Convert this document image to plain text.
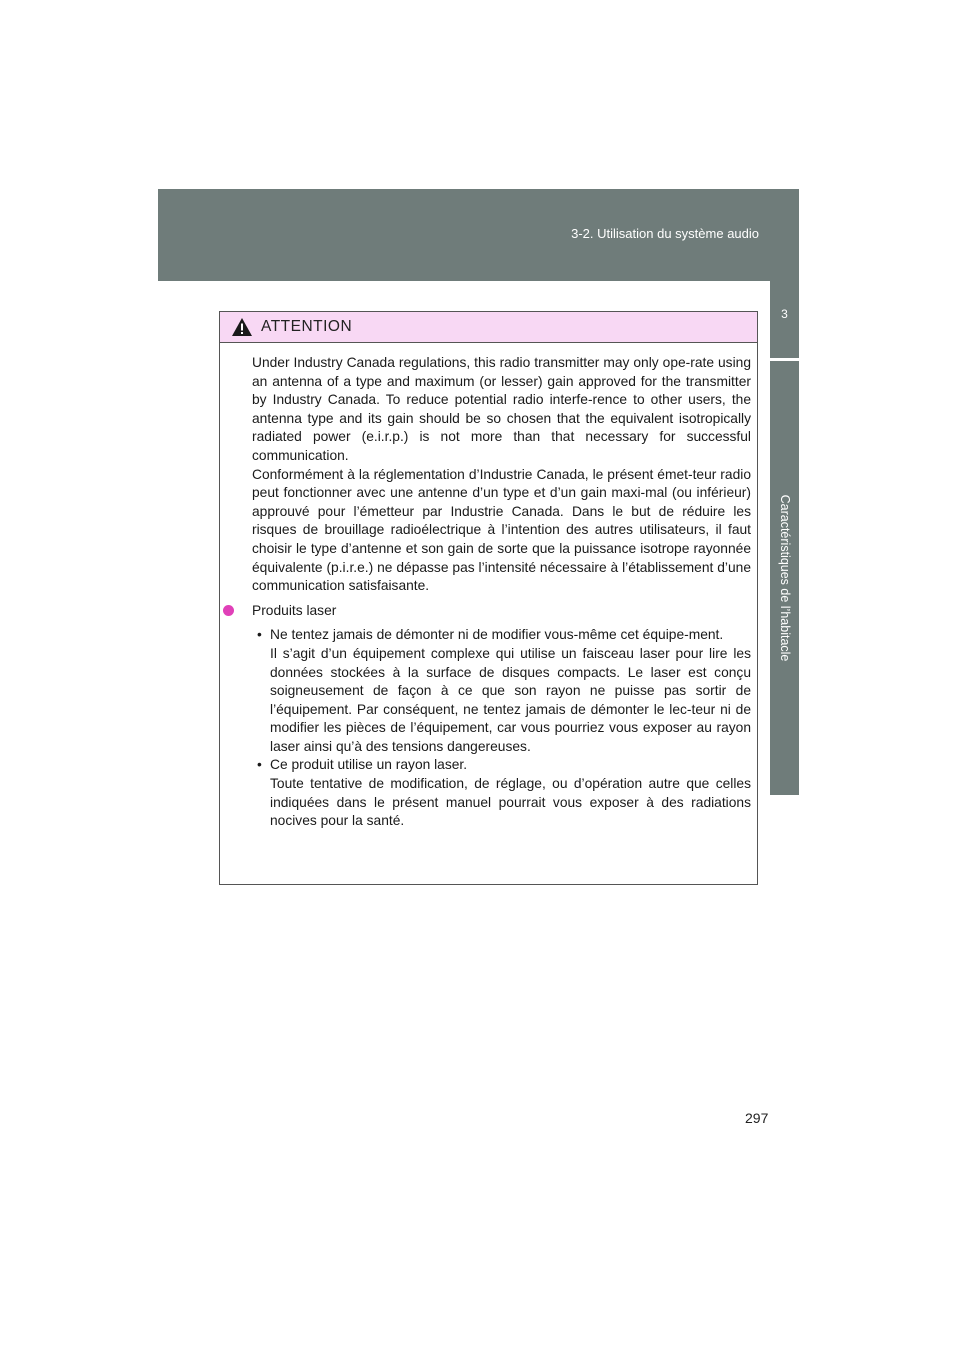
3-2. Utilisation du système audio
3
Caractéristiques de l’habitacle
ATTENTION

Under Industry Canada regulations, this radio transmitter may only ope-rate using an antenna of a type and maximum (or lesser) gain approved for the transmitter by Industry Canada. To reduce potential radio interfe-rence to other users, the antenna type and its gain should be so chosen that the equivalent isotropically radiated power (e.i.r.p.) is not more than that necessary for successful communication.

Conformément à la réglementation d’Industrie Canada, le présent émet-teur radio peut fonctionner avec une antenne d’un type et d’un gain maxi-mal (ou inférieur) approuvé pour l’émetteur par Industrie Canada. Dans le but de réduire les risques de brouillage radioélectrique à l’intention des autres utilisateurs, il faut choisir le type d’antenne et son gain de sorte que la puissance isotrope rayonnée équivalente (p.i.r.e.) ne dépasse pas l’intensité nécessaire à l’établissement d’une communication satisfaisante.

Produits laser
• Ne tentez jamais de démonter ni de modifier vous-même cet équipe-ment.
Il s’agit d’un équipement complexe qui utilise un faisceau laser pour lire les données stockées à la surface de disques compacts. Le laser est conçu soigneusement de façon à ce que son rayon ne puisse pas sortir de l’équipement. Par conséquent, ne tentez jamais de démonter le lec-teur ni de modifier les pièces de l’équipement, car vous pourriez vous exposer au rayon laser ainsi qu’à des tensions dangereuses.
• Ce produit utilise un rayon laser.
Toute tentative de modification, de réglage, ou d’opération autre que celles indiquées dans le présent manuel pourrait vous exposer à des radiations nocives pour la santé.
297
